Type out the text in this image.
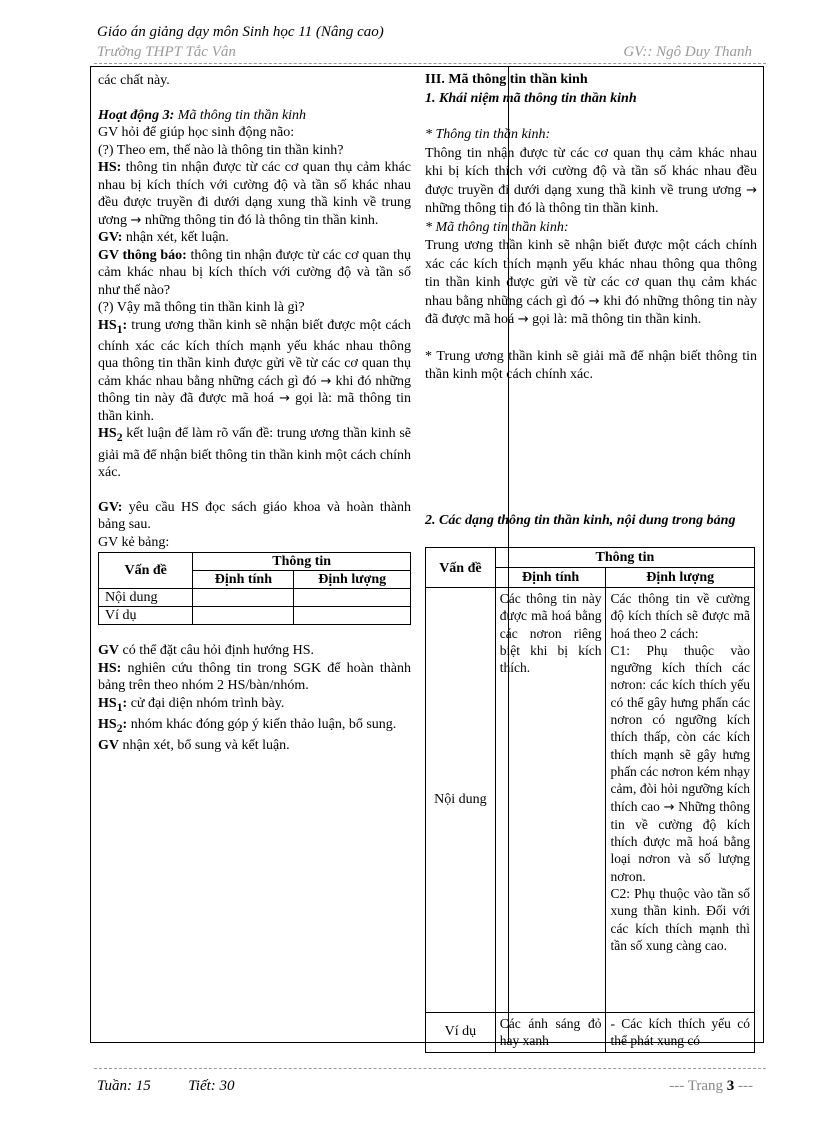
Giáo án giảng dạy môn Sinh học 11 (Nâng cao)
Trường THPT Tắc Vân	GV:: Ngô Duy Thanh

các chất này.

Hoạt động 3: Mã thông tin thần kinh

GV hỏi để giúp học sinh động não:

(?) Theo em, thế nào là thông tin thần kinh?

HS: thông tin nhận được từ các cơ quan thụ cảm khác nhau bị kích thích với cường độ và tần số khác nhau đều được truyền đi dưới dạng xung thầ kinh về trung ương → những thông tin đó là thông tin thần kinh.

GV: nhận xét, kết luận.

GV thông báo: thông tin nhận được từ các cơ quan thụ cảm khác nhau bị kích thích với cường độ và tần số như thế nào?

(?) Vậy mã thông tin thần kinh là gì?

$HS_1$: trung ương thần kinh sẽ nhận biết được một cách chính xác các kích thích mạnh yếu khác nhau thông qua thông tin thần kinh được gửi về từ các cơ quan thụ cảm khác nhau bằng những cách gì đó → khi đó những thông tin này đã được mã hoá → gọi là: mã thông tin thần kinh.

$HS_2$ kết luận để làm rõ vấn đề: trung ương thần kinh sẽ giải mã để nhận biết thông tin thần kinh một cách chính xác.

GV: yêu cầu HS đọc sách giáo khoa và hoàn thành bảng sau.

GV kẻ bảng:

Vấn đề	Thông tin	
	Định tính	Định lượng
Nội dung		
Ví dụ		

GV có thể đặt câu hỏi định hướng HS.

HS: nghiên cứu thông tin trong SGK để hoàn thành bảng trên theo nhóm 2 HS/bàn/nhóm.

$HS_1$: cử đại diện nhóm trình bày.

$HS_2$: nhóm khác đóng góp ý kiến thảo luận, bổ sung.

GV nhận xét, bổ sung và kết luận.

III. Mã thông tin thần kinh

1. Khái niệm mã thông tin thần kinh

* Thông tin thần kinh:

Thông tin nhận được từ các cơ quan thụ cảm khác nhau khi bị kích thích với cường độ và tần số khác nhau đều được truyền đi dưới dạng xung thầ kinh về trung ương → những thông tin đó là thông tin thần kinh.

* Mã thông tin thần kinh:

Trung ương thần kinh sẽ nhận biết được một cách chính xác các kích thích mạnh yếu khác nhau thông qua thông tin thần kinh được gửi về từ các cơ quan thụ cảm khác nhau bằng những cách gì đó → khi đó những thông tin này đã được mã hoá → gọi là: mã thông tin thần kinh.

* Trung ương thần kinh sẽ giải mã để nhận biết thông tin thần kinh một cách chính xác.

2. Các dạng thông tin thần kinh, nội dung trong bảng

Vấn đề	Thông tin	
	Định tính	Định lượng
Nội dung	Các thông tin này được mã hoá bằng các nơron riêng biệt khi bị kích thích.	Các thông tin về cường độ kích thích sẽ được mã hoá theo 2 cách:
C1: Phụ thuộc vào ngưỡng kích thích các nơron: các kích thích yếu có thể gây hưng phấn các nơron có ngưỡng kích thích thấp, còn các kích thích mạnh sẽ gây hưng phấn các nơron kém nhạy cảm, đòi hỏi ngưỡng kích thích cao → Những thông tin về cường độ kích thích được mã hoá bằng loại nơron và số lượng nơron.
C2: Phụ thuộc vào tần số xung thần kinh. Đối với các kích thích mạnh thì tần số xung càng cao.

Ví dụ	Các ánh sáng đỏ hay xanh	- Các kích thích yếu có thể phát xung có
Tuần: 15	Tiết: 30	--- Trang 3 ---
